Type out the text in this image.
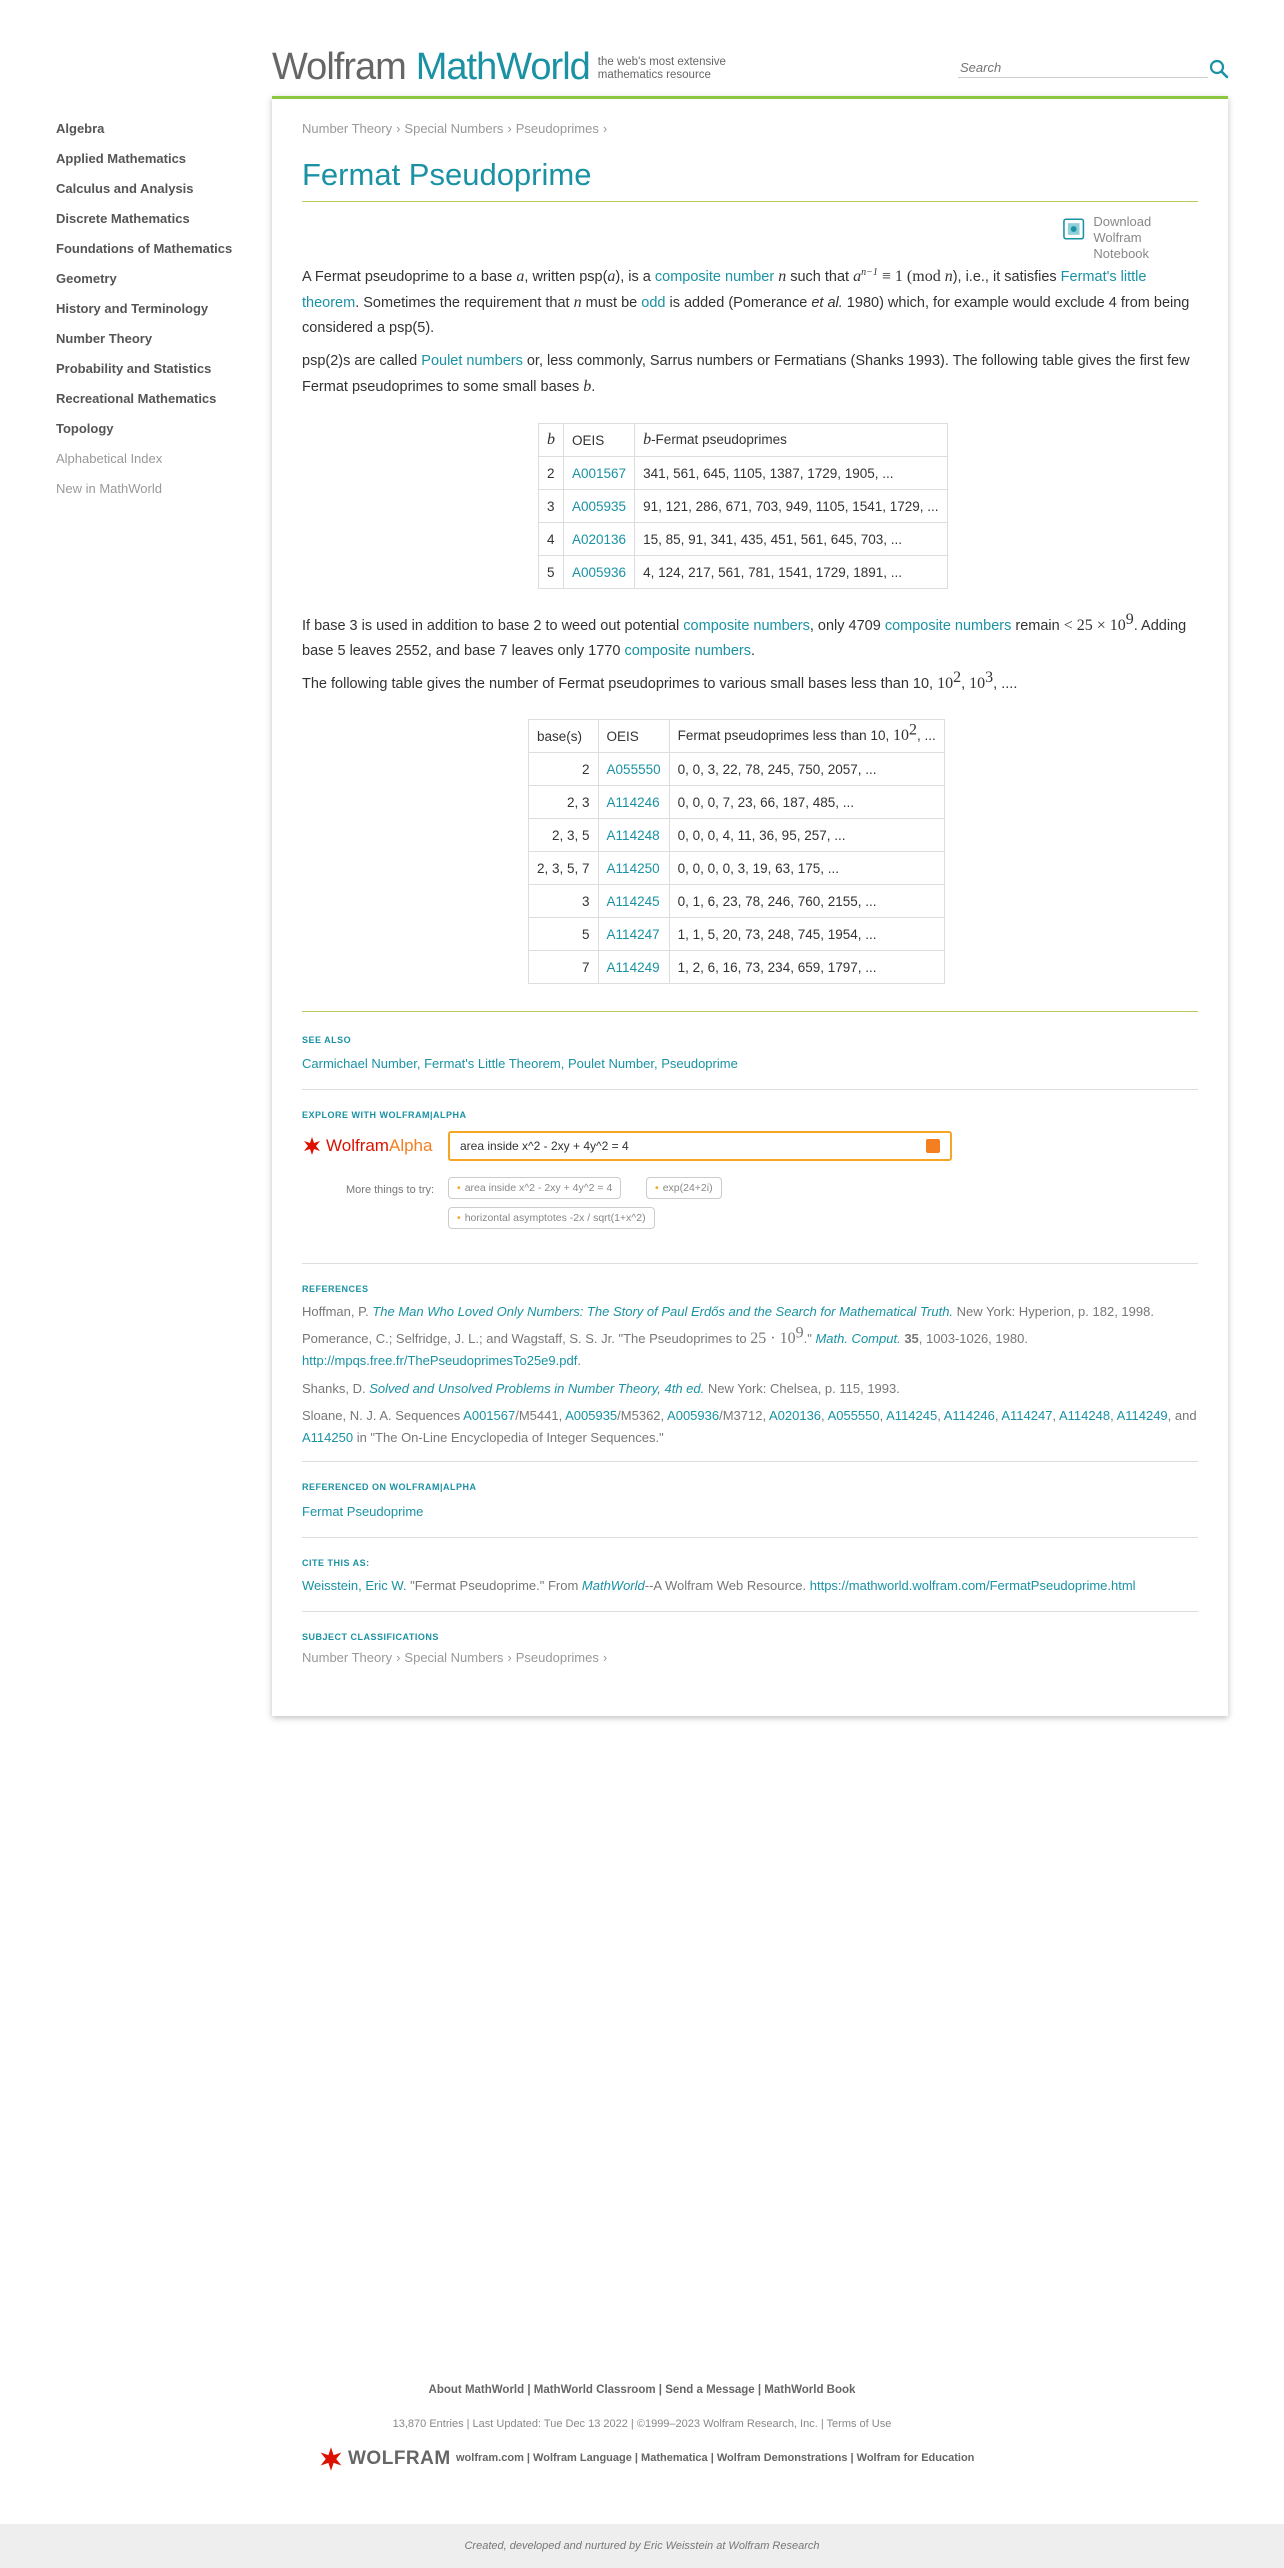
Wolfram MathWorld the web's most extensive mathematics resource
Search
Algebra
Applied Mathematics
Calculus and Analysis
Discrete Mathematics
Foundations of Mathematics
Geometry
History and Terminology
Number Theory
Probability and Statistics
Recreational Mathematics
Topology
Alphabetical Index
New in MathWorld
Number Theory › Special Numbers › Pseudoprimes ›
Fermat Pseudoprime
Download
Wolfram Notebook
A Fermat pseudoprime to a base a, written psp(a), is a composite number n such that $a^{n-1} \equiv 1$ (mod n), i.e., it satisfies Fermat's little theorem. Sometimes the requirement that n must be odd is added (Pomerance et al. 1980) which, for example would exclude 4 from being considered a psp(5).
psp(2)s are called Poulet numbers or, less commonly, Sarrus numbers or Fermatians (Shanks 1993). The following table gives the first few Fermat pseudoprimes to some small bases b.
b	OEIS	b-Fermat pseudoprimes
2	A001567	341, 561, 645, 1105, 1387, 1729, 1905, ...
3	A005935	91, 121, 286, 671, 703, 949, 1105, 1541, 1729, ...
4	A020136	15, 85, 91, 341, 435, 451, 561, 645, 703, ...
5	A005936	4, 124, 217, 561, 781, 1541, 1729, 1891, ...
If base 3 is used in addition to base 2 to weed out potential composite numbers, only 4709 composite numbers remain < $25 \times 10^9$. Adding base 5 leaves 2552, and base 7 leaves only 1770 composite numbers.
The following table gives the number of Fermat pseudoprimes to various small bases less than 10, $10^2$, $10^3$, ....
base(s)	OEIS	Fermat pseudoprimes less than 10, $10^2$, ...
2	A055550	0, 0, 3, 22, 78, 245, 750, 2057, ...
2, 3	A114246	0, 0, 0, 7, 23, 66, 187, 485, ...
2, 3, 5	A114248	0, 0, 0, 4, 11, 36, 95, 257, ...
2, 3, 5, 7	A114250	0, 0, 0, 0, 3, 19, 63, 175, ...
3	A114245	0, 1, 6, 23, 78, 246, 760, 2155, ...
5	A114247	1, 1, 5, 20, 73, 248, 745, 1954, ...
7	A114249	1, 2, 6, 16, 73, 234, 659, 1797, ...
SEE ALSO
Carmichael Number, Fermat's Little Theorem, Poulet Number, Pseudoprime
EXPLORE WITH WOLFRAM|ALPHA
Wolfram Alpha	area inside x^2 - 2xy + 4y^2 = 4
More things to try:	• area inside x^2 - 2xy + 4y^2 = 4	• exp(24+2i)
• horizontal asymptotes -2x / sqrt(1+x^2)
REFERENCES
Hoffman, P. The Man Who Loved Only Numbers: The Story of Paul Erdős and the Search for Mathematical Truth. New York: Hyperion, p. 182, 1998.
Pomerance, C.; Selfridge, J. L.; and Wagstaff, S. S. Jr. "The Pseudoprimes to $25 \cdot 10^9$." Math. Comput. 35, 1003-1026, 1980.
http://mpqs.free.fr/ThePseudoprimesTo25e9.pdf.
Shanks, D. Solved and Unsolved Problems in Number Theory, 4th ed. New York: Chelsea, p. 115, 1993.
Sloane, N. J. A. Sequences A001567/M5441, A005935/M5362, A005936/M3712, A020136, A055550, A114245, A114246, A114247, A114248, A114249, and A114250 in "The On-Line Encyclopedia of Integer Sequences."
REFERENCED ON WOLFRAM|ALPHA
Fermat Pseudoprime
CITE THIS AS:
Weisstein, Eric W. "Fermat Pseudoprime." From MathWorld--A Wolfram Web Resource. https://mathworld.wolfram.com/FermatPseudoprime.html
SUBJECT CLASSIFICATIONS
Number Theory › Special Numbers › Pseudoprimes ›
About MathWorld | MathWorld Classroom | Send a Message | MathWorld Book
13,870 Entries | Last Updated: Tue Dec 13 2022 | ©1999–2023 Wolfram Research, Inc. | Terms of Use
WOLFRAM wolfram.com | Wolfram Language | Mathematica | Wolfram Demonstrations | Wolfram for Education
Created, developed and nurtured by Eric Weisstein at Wolfram Research
